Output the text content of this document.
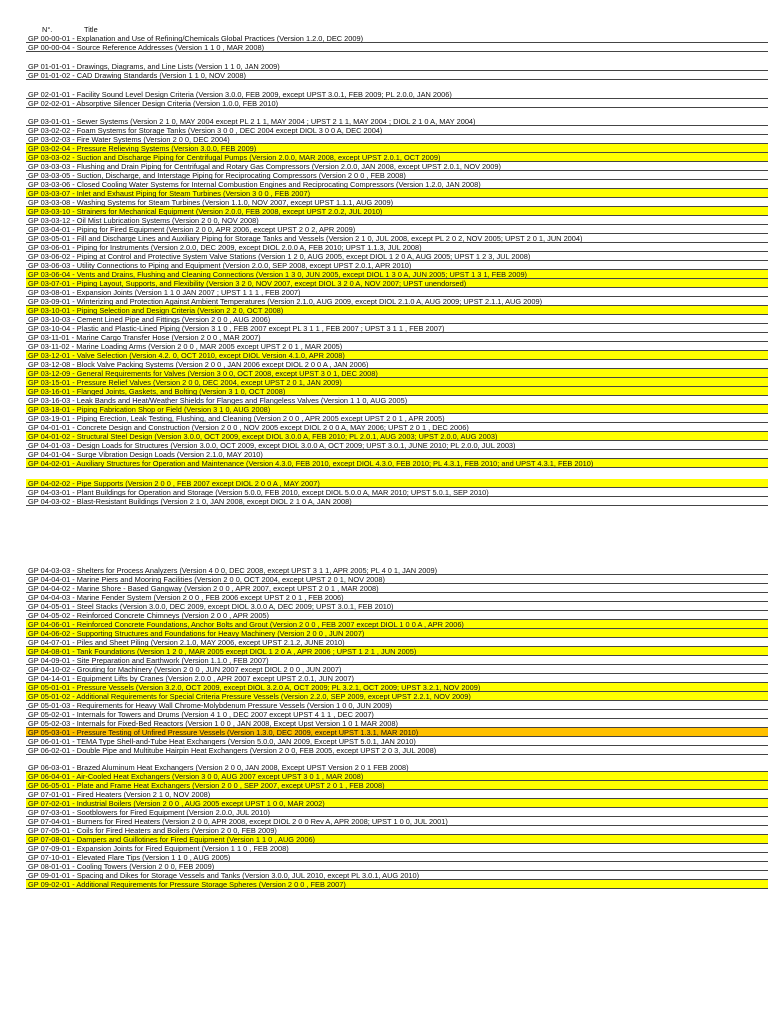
N°.	Title
GP 00-00-01 - Explanation and Use of Refining/Chemicals Global Practices (Version 1.2.0, DEC 2009)
GP 00-00-04 - Source Reference Addresses (Version 1 1 0 , MAR 2008)
GP 01-01-01 - Drawings, Diagrams, and Line Lists (Version 1 1 0, JAN 2009)
GP 01-01-02 - CAD Drawing Standards (Version 1 1 0, NOV 2008)
GP 02-01-01 - Facility Sound Level Design Criteria (Version 3.0.0, FEB 2009, except UPST 3.0.1, FEB 2009; PL 2.0.0, JAN 2006)
GP 02-02-01 - Absorptive Silencer Design Criteria (Version 1.0.0, FEB 2010)
GP 03-01-01 - Sewer Systems (Version 2 1 0, MAY 2004 except PL 2 1 1, MAY 2004 ; UPST 2 1 1, MAY 2004 ; DIOL 2 1 0 A, MAY 2004)
GP 03-02-02 - Foam Systems for Storage Tanks (Version 3 0 0 , DEC 2004 except DIOL 3 0 0 A, DEC 2004)
GP 03-02-03 - Fire Water Systems (Version 2 0 0, DEC 2004)
GP 03-02-04 - Pressure Relieving Systems (Version 3.0.0, FEB 2009)
GP 03-03-02 - Suction and Discharge Piping for Centrifugal Pumps (Version 2.0.0, MAR 2008, except UPST 2.0.1, OCT 2009)
GP 03-03-03 - Flushing and Drain Piping for Centrifugal and Rotary Gas Compressors (Version 2.0.0, JAN 2008, except UPST 2.0.1, NOV 2009)
GP 03-03-05 - Suction, Discharge, and Interstage Piping for Reciprocating Compressors (Version 2 0 0 , FEB 2008)
GP 03-03-06 - Closed Cooling Water Systems for Internal Combustion Engines and Reciprocating Compressors (Version 1.2.0, JAN 2008)
GP 03-03-07 - Inlet and Exhaust Piping for Steam Turbines (Version 3 0 0 , FEB 2007)
GP 03-03-08 - Washing Systems for Steam Turbines (Version 1.1.0, NOV 2007, except UPST 1.1.1, AUG 2009)
GP 03-03-10 - Strainers for Mechanical Equipment (Version 2.0.0, FEB 2008, except UPST 2.0.2, JUL 2010)
GP 03-03-12 - Oil Mist Lubrication Systems (Version 2 0 0, NOV 2008)
GP 03-04-01 - Piping for Fired Equipment (Version 2 0 0, APR 2006, except UPST 2 0 2, APR 2009)
GP 03-05-01 - Fill and Discharge Lines and Auxiliary Piping for Storage Tanks and Vessels (Version 2 1 0, JUL 2008, except PL 2 0 2, NOV 2005; UPST 2 0 1, JUN 2004)
GP 03-06-01 - Piping for Instruments (Version 2.0.0, DEC 2009, except DIOL 2.0.0 A, FEB 2010; UPST 1.1.3, JUL 2008)
GP 03-06-02 - Piping at Control and Protective System Valve Stations (Version 1 2 0, AUG 2005, except DIOL 1 2 0 A, AUG 2005; UPST 1 2 3, JUL 2008)
GP 03-06-03 - Utility Connections to Piping and Equipment (Version 2.0.0, SEP 2008, except UPST 2.0.1, APR 2010)
GP 03-06-04 - Vents and Drains, Flushing and Cleaning Connections (Version 1 3 0, JUN 2005, except DIOL 1 3 0 A, JUN 2005; UPST 1 3 1, FEB 2009)
GP 03-07-01 - Piping Layout, Supports, and Flexibility (Version 3 2 0, NOV 2007, except DIOL 3 2 0 A, NOV 2007; UPST unendorsed)
GP 03-08-01 - Expansion Joints (Version 1 1 0 JAN 2007 ; UPST 1 1 1 , FEB 2007)
GP 03-09-01 - Winterizing and Protection Against Ambient Temperatures (Version 2.1.0, AUG 2009, except DIOL 2.1.0 A, AUG 2009; UPST 2.1.1, AUG 2009)
GP 03-10-01 - Piping Selection and Design Criteria (Version 2 2 0, OCT 2008)
GP 03-10-03 - Cement Lined Pipe and Fittings (Version 2 0 0 , AUG 2006)
GP 03-10-04 - Plastic and Plastic-Lined Piping (Version 3 1 0 , FEB 2007 except PL 3 1 1 , FEB 2007 ; UPST 3 1 1 , FEB 2007)
GP 03-11-01 - Marine Cargo Transfer Hose (Version 2 0 0 , MAR 2007)
GP 03-11-02 - Marine Loading Arms (Version 2 0 0 , MAR 2005 except UPST 2 0 1 , MAR 2005)
GP 03-12-01 - Valve Selection (Version 4.2. 0, OCT 2010, except DIOL Version 4.1.0, APR 2008)
GP 03-12-08 - Block Valve Packing Systems (Version 2 0 0 , JAN 2006 except DIOL 2 0 0 A , JAN 2006)
GP 03-12-09 - General Requirements for Valves (Version 3 0 0, OCT 2008, except UPST 3 0 1, DEC 2008)
GP 03-15-01 - Pressure Relief Valves (Version 2 0 0, DEC 2004, except UPST 2 0 1, JAN 2009)
GP 03-16-01 - Flanged Joints, Gaskets, and Bolting (Version 3 1 0, OCT 2008)
GP 03-16-03 - Leak Bands and Heat/Weather Shields for Flanges and Flangeless Valves (Version 1 1 0, AUG 2005)
GP 03-18-01 - Piping Fabrication Shop or Field (Version 3 1 0, AUG 2008)
GP 03-19-01 - Piping Erection, Leak Testing, Flushing, and Cleaning (Version 2 0 0 , APR 2005 except UPST 2 0 1 , APR 2005)
GP 04-01-01 - Concrete Design and Construction (Version 2 0 0 , NOV 2005 except DIOL 2 0 0 A, MAY 2006; UPST 2 0 1 , DEC 2006)
GP 04-01-02 - Structural Steel Design (Version 3.0.0, OCT 2009, except DIOL 3.0.0 A, FEB 2010; PL 2.0.1, AUG 2003; UPST 2.0.0, AUG 2003)
GP 04-01-03 - Design Loads for Structures (Version 3.0.0, OCT 2009, except DIOL 3.0.0 A, OCT 2009; UPST 3.0.1, JUNE 2010; PL 2.0.0, JUL 2003)
GP 04-01-04 - Surge Vibration Design Loads (Version 2.1.0, MAY 2010)
GP 04-02-01 - Auxiliary Structures for Operation and Maintenance (Version 4.3.0, FEB 2010, except DIOL 4.3.0, FEB 2010; PL 4.3.1, FEB 2010; and UPST 4.3.1, FEB 2010)
GP 04-02-02 - Pipe Supports (Version 2 0 0 , FEB 2007 except DIOL 2 0 0 A , MAY 2007)
GP 04-03-01 - Plant Buildings for Operation and Storage (Version 5.0.0, FEB 2010, except DIOL 5.0.0 A, MAR 2010; UPST 5.0.1, SEP 2010)
GP 04-03-02 - Blast-Resistant Buildings (Version 2 1 0, JAN 2008, except DIOL 2 1 0 A, JAN 2008)
GP 04-03-03 - Shelters for Process Analyzers (Version 4 0 0, DEC 2008, except UPST 3 1 1, APR 2005; PL 4 0 1, JAN 2009)
GP 04-04-01 - Marine Piers and Mooring Facilities (Version 2 0 0, OCT 2004, except UPST 2 0 1, NOV 2008)
GP 04-04-02 - Marine Shore - Based Gangway (Version 2 0 0 , APR 2007, except UPST 2 0 1 , MAR 2008)
GP 04-04-03 - Marine Fender System (Version 2 0 0 , FEB 2006 except UPST 2 0 1 , FEB 2006)
GP 04-05-01 - Steel Stacks (Version 3.0.0, DEC 2009, except DIOL 3.0.0 A, DEC 2009; UPST 3.0.1, FEB 2010)
GP 04-05-02 - Reinforced Concrete Chimneys (Version 2 0 0 , APR 2005)
GP 04-06-01 - Reinforced Concrete Foundations, Anchor Bolts and Grout (Version 2 0 0 , FEB 2007 except DIOL 1 0 0 A , APR 2006)
GP 04-06-02 - Supporting Structures and Foundations for Heavy Machinery (Version 2 0 0 , JUN 2007)
GP 04-07-01 - Piles and Sheet Piling (Version 2.1.0, MAY 2006, except UPST 2.1.2, JUNE 2010)
GP 04-08-01 - Tank Foundations (Version 1 2 0 , MAR 2005 except DIOL 1 2 0 A , APR 2006 ; UPST 1 2 1 , JUN 2005)
GP 04-09-01 - Site Preparation and Earthwork (Version 1.1.0 , FEB 2007)
GP 04-10-02 - Grouting for Machinery (Version 2 0 0 , JUN 2007 except DIOL 2 0 0 , JUN 2007)
GP 04-14-01 - Equipment Lifts by Cranes (Version 2.0.0 , APR 2007 except UPST 2.0.1, JUN 2007)
GP 05-01-01 - Pressure Vessels (Version 3.2.0, OCT 2009, except DIOL 3.2.0 A, OCT 2009; PL 3.2.1, OCT 2009; UPST 3.2.1, NOV 2009)
GP 05-01-02 - Additional Requirements for Special Criteria Pressure Vessels (Version 2.2.0, SEP 2009, except UPST 2.2.1, NOV 2009)
GP 05-01-03 - Requirements for Heavy Wall Chrome-Molybdenum Pressure Vessels (Version 1 0 0, JUN 2009)
GP 05-02-01 - Internals for Towers and Drums (Version 4 1 0 , DEC 2007 except UPST 4 1 1 , DEC 2007)
GP 05-02-03 - Internals for Fixed-Bed Reactors (Version 1 0 0 , JAN 2008, Except Upst Version 1 0 1 MAR 2008)
GP 05-03-01 - Pressure Testing of Unfired Pressure Vessels (Version 1.3.0, DEC 2009, except UPST 1.3.1, MAR 2010)
GP 06-01-01 - TEMA Type Shell-and-Tube Heat Exchangers (Version 5.0.0, JAN 2009, Except UPST 5.0.1, JAN 2010)
GP 06-02-01 - Double Pipe and Multitube Hairpin Heat Exchangers (Version 2 0 0, FEB 2005, except UPST 2 0 3, JUL 2008)
GP 06-03-01 - Brazed Aluminum Heat Exchangers (Version 2 0 0, JAN 2008, Except UPST Version 2 0 1 FEB 2008)
GP 06-04-01 - Air-Cooled Heat Exchangers (Version 3 0 0, AUG 2007 except UPST 3 0 1 , MAR 2008)
GP 06-05-01 - Plate and Frame Heat Exchangers (Version 2 0 0 , SEP 2007, except UPST 2 0 1 , FEB 2008)
GP 07-01-01 - Fired Heaters (Version 2 1 0, NOV 2008)
GP 07-02-01 - Industrial Boilers (Version 2 0 0 , AUG 2005 except UPST 1 0 0, MAR 2002)
GP 07-03-01 - Sootblowers for Fired Equipment (Version 2.0.0, JUL 2010)
GP 07-04-01 - Burners for Fired Heaters (Version 2 0 0, APR 2008, except DIOL 2 0 0 Rev A, APR 2008; UPST 1 0 0, JUL 2001)
GP 07-05-01 - Coils for Fired Heaters and Boilers (Version 2 0 0, FEB 2009)
GP 07-08-01 - Dampers and Guillotines for Fired Equipment (Version 1 1 0 , AUG 2006)
GP 07-09-01 - Expansion Joints for Fired Equipment (Version 1 1 0 , FEB 2008)
GP 07-10-01 - Elevated Flare Tips (Version 1 1 0 , AUG 2005)
GP 08-01-01 - Cooling Towers (Version 2 0 0, FEB 2009)
GP 09-01-01 - Spacing and Dikes for Storage Vessels and Tanks (Version 3.0.0, JUL 2010, except PL 3.0.1, AUG 2010)
GP 09-02-01 - Additional Requirements for Pressure Storage Spheres (Version 2 0 0 , FEB 2007)
